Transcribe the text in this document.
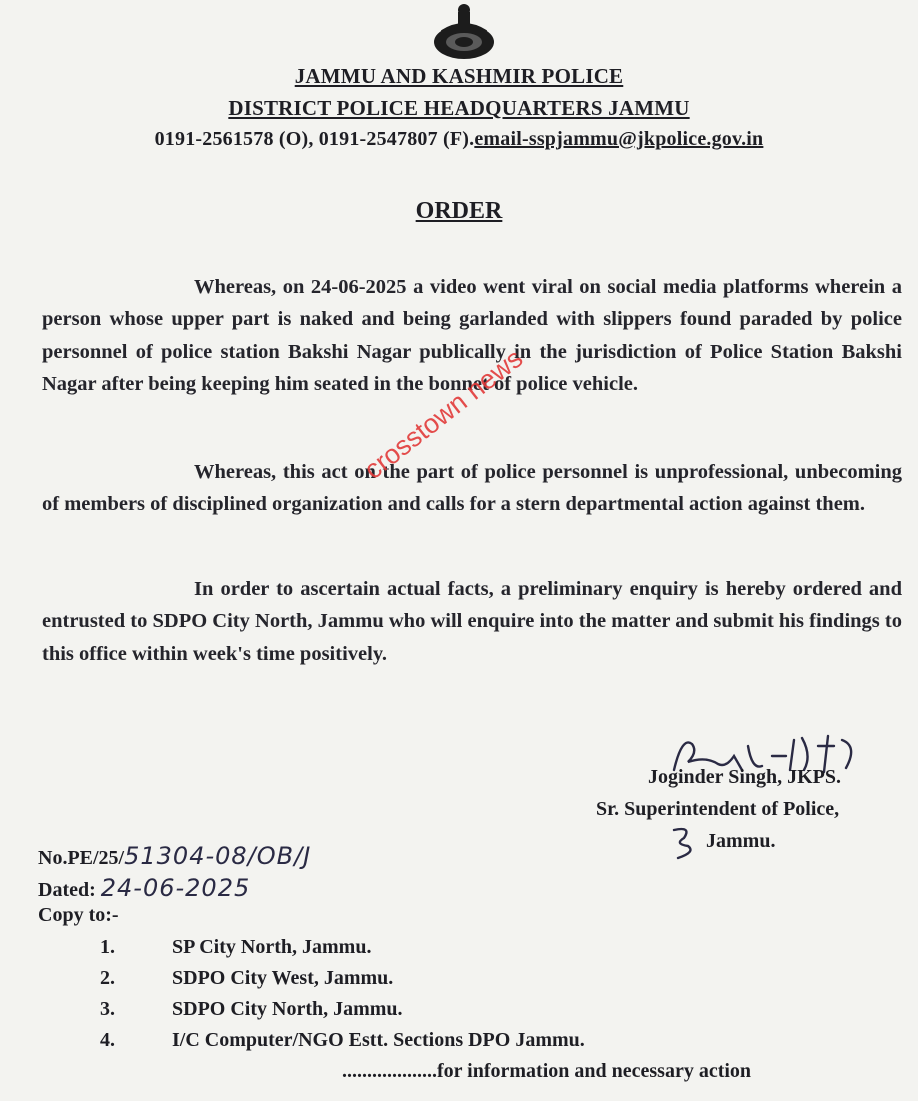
JAMMU AND KASHMIR POLICE
DISTRICT POLICE HEADQUARTERS JAMMU
0191-2561578 (O), 0191-2547807 (F).email-sspjammu@jkpolice.gov.in
ORDER

Whereas, on 24-06-2025 a video went viral on social media platforms wherein a person whose upper part is naked and being garlanded with slippers found paraded by police personnel of police station Bakshi Nagar publically in the jurisdiction of Police Station Bakshi Nagar after being keeping him seated in the bonnet of police vehicle.

Whereas, this act on the part of police personnel is unprofessional, unbecoming of members of disciplined organization and calls for a stern departmental action against them.

In order to ascertain actual facts, a preliminary enquiry is hereby ordered and entrusted to SDPO City North, Jammu who will enquire into the matter and submit his findings to this office within week's time positively.

crosstown news
Joginder Singh, JKPS.
Sr. Superintendent of Police,
Jammu.
No.PE/25/51304-08/OB/J
Dated: 24-06-2025
Copy to:-
1.	SP City North, Jammu.
2.	SDPO City West, Jammu.
3.	SDPO City North, Jammu.
4.	I/C Computer/NGO Estt. Sections DPO Jammu.
...................for information and necessary action
